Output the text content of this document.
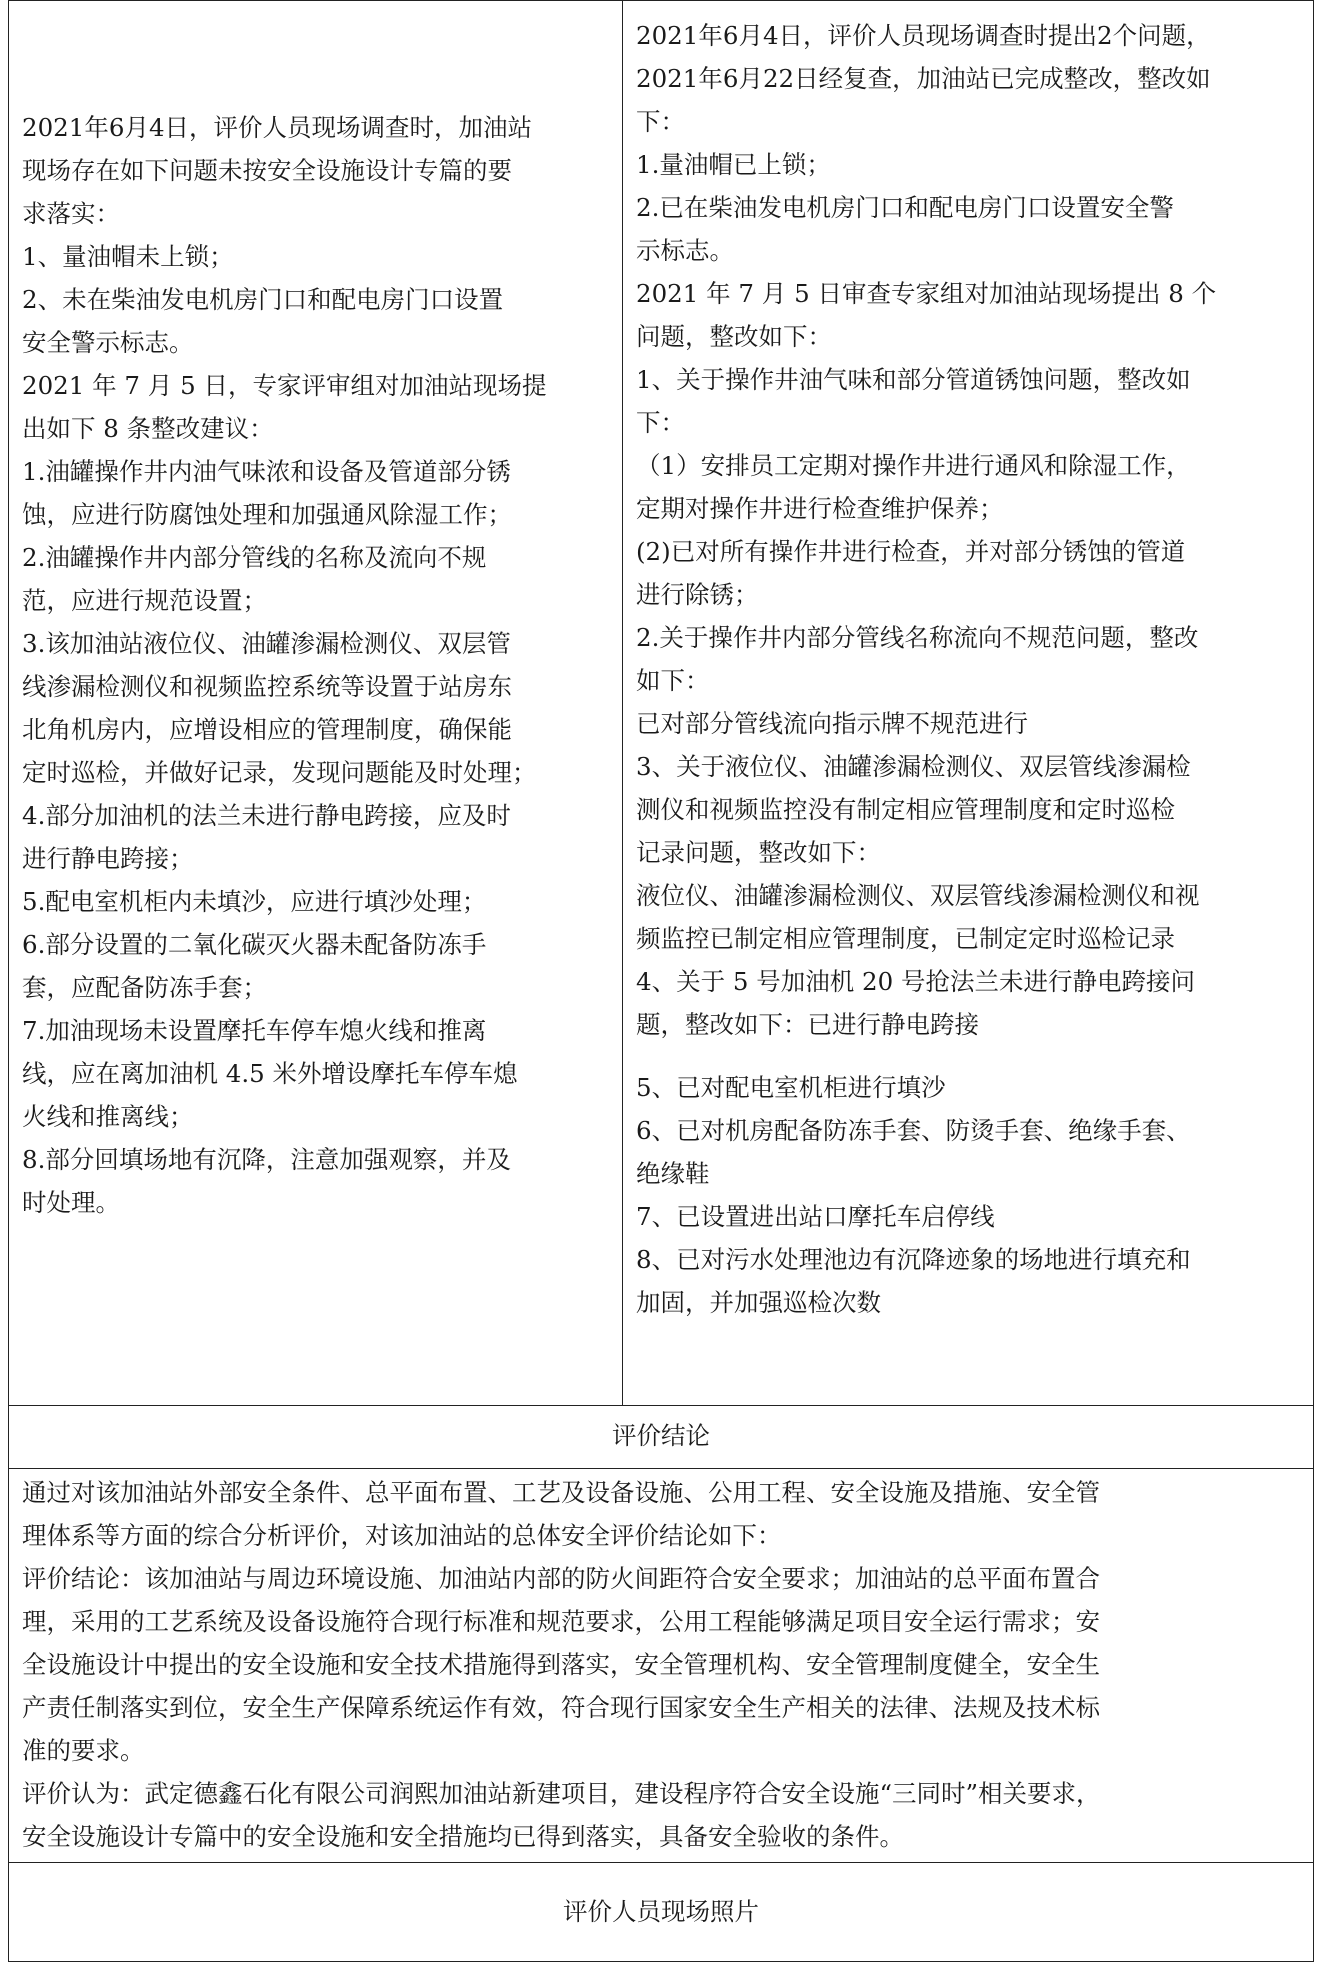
2021年6月4日，评价人员现场调查时，加油站
现场存在如下问题未按安全设施设计专篇的要
求落实：
1、量油帽未上锁；
2、未在柴油发电机房门口和配电房门口设置
安全警示标志。
2021 年 7 月 5 日，专家评审组对加油站现场提
出如下 8 条整改建议：
1.油罐操作井内油气味浓和设备及管道部分锈
蚀，应进行防腐蚀处理和加强通风除湿工作；
2.油罐操作井内部分管线的名称及流向不规
范，应进行规范设置；
3.该加油站液位仪、油罐渗漏检测仪、双层管
线渗漏检测仪和视频监控系统等设置于站房东
北角机房内，应增设相应的管理制度，确保能
定时巡检，并做好记录，发现问题能及时处理；
4.部分加油机的法兰未进行静电跨接，应及时
进行静电跨接；
5.配电室机柜内未填沙，应进行填沙处理；
6.部分设置的二氧化碳灭火器未配备防冻手
套，应配备防冻手套；
7.加油现场未设置摩托车停车熄火线和推离
线，应在离加油机 4.5 米外增设摩托车停车熄
火线和推离线；
8.部分回填场地有沉降，注意加强观察，并及
时处理。
2021年6月4日，评价人员现场调查时提出2个问题，
2021年6月22日经复查，加油站已完成整改，整改如
下：
1.量油帽已上锁；
2.已在柴油发电机房门口和配电房门口设置安全警
示标志。
2021 年 7 月 5 日审查专家组对加油站现场提出 8 个
问题，整改如下：
1、关于操作井油气味和部分管道锈蚀问题，整改如
下：
（1）安排员工定期对操作井进行通风和除湿工作，
定期对操作井进行检查维护保养；
(2)已对所有操作井进行检查，并对部分锈蚀的管道
进行除锈；
2.关于操作井内部分管线名称流向不规范问题，整改
如下：
已对部分管线流向指示牌不规范进行
3、关于液位仪、油罐渗漏检测仪、双层管线渗漏检
测仪和视频监控没有制定相应管理制度和定时巡检
记录问题，整改如下：
液位仪、油罐渗漏检测仪、双层管线渗漏检测仪和视
频监控已制定相应管理制度，已制定定时巡检记录
4、关于 5 号加油机 20 号抢法兰未进行静电跨接问
题，整改如下：已进行静电跨接
5、已对配电室机柜进行填沙
6、已对机房配备防冻手套、防烫手套、绝缘手套、
绝缘鞋
7、已设置进出站口摩托车启停线
8、已对污水处理池边有沉降迹象的场地进行填充和
加固，并加强巡检次数
评价结论
通过对该加油站外部安全条件、总平面布置、工艺及设备设施、公用工程、安全设施及措施、安全管
理体系等方面的综合分析评价，对该加油站的总体安全评价结论如下：
评价结论：该加油站与周边环境设施、加油站内部的防火间距符合安全要求；加油站的总平面布置合
理，采用的工艺系统及设备设施符合现行标准和规范要求，公用工程能够满足项目安全运行需求；安
全设施设计中提出的安全设施和安全技术措施得到落实，安全管理机构、安全管理制度健全，安全生
产责任制落实到位，安全生产保障系统运作有效，符合现行国家安全生产相关的法律、法规及技术标
准的要求。
评价认为：武定德鑫石化有限公司润熙加油站新建项目，建设程序符合安全设施“三同时”相关要求，
安全设施设计专篇中的安全设施和安全措施均已得到落实，具备安全验收的条件。
评价人员现场照片
